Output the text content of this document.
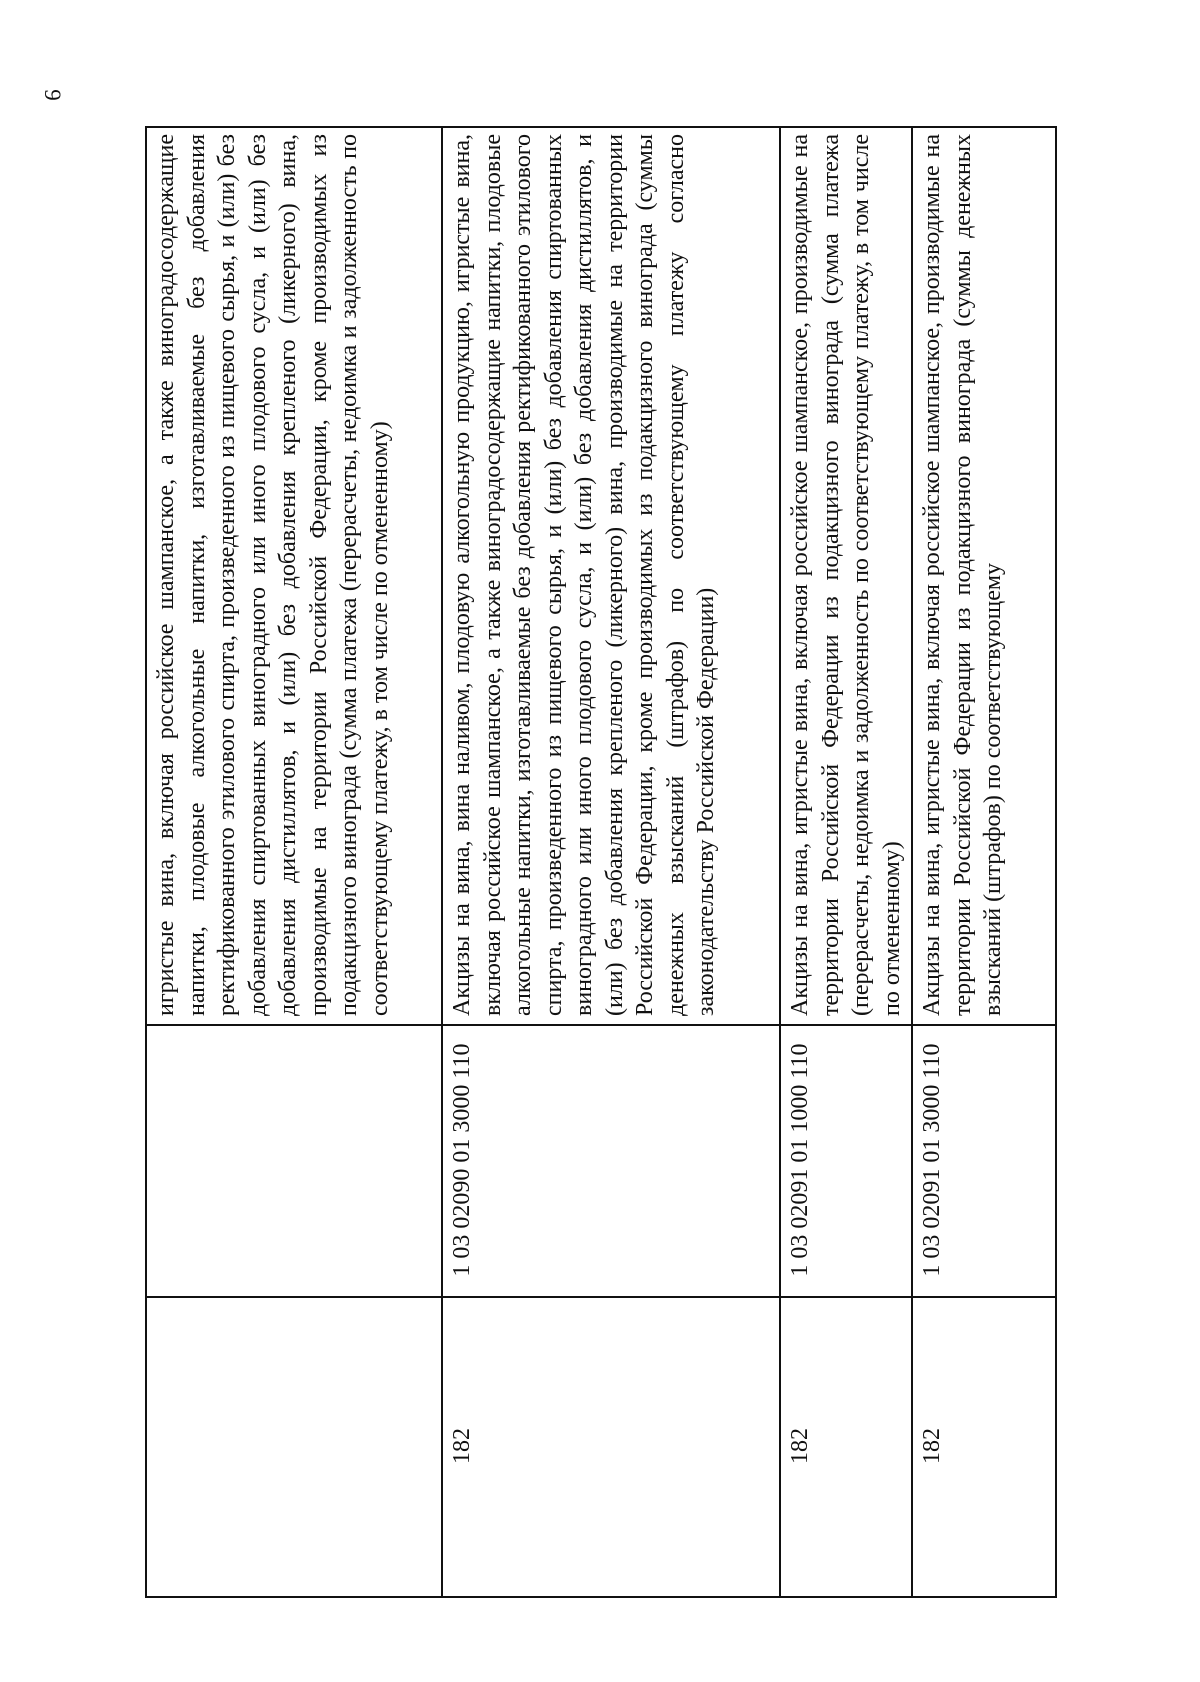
9
		игристые вина, включая российское шампанское, а также виноградосодержащие напитки, плодовые алкогольные напитки, изготавливаемые без добавления ректификованного этилового спирта, произведенного из пищевого сырья, и (или) без добавления спиртованных виноградного или иного плодового сусла, и (или) без добавления дистиллятов, и (или) без добавления крепленого (ликерного) вина, производимые на территории Российской Федерации, кроме производимых из подакцизного винограда (сумма платежа (перерасчеты, недоимка и задолженность по соответствующему платежу, в том числе по отмененному)
182	1 03 02090 01 3000 110	Акцизы на вина, вина наливом, плодовую алкогольную продукцию, игристые вина, включая российское шампанское, а также виноградосодержащие напитки, плодовые алкогольные напитки, изготавливаемые без добавления ректификованного этилового спирта, произведенного из пищевого сырья, и (или) без добавления спиртованных виноградного или иного плодового сусла, и (или) без добавления дистиллятов, и (или) без добавления крепленого (ликерного) вина, производимые на территории Российской Федерации, кроме производимых из подакцизного винограда (суммы денежных взысканий (штрафов) по соответствующему платежу согласно законодательству Российской Федерации)
182	1 03 02091 01 1000 110	Акцизы на вина, игристые вина, включая российское шампанское, производимые на территории Российской Федерации из подакцизного винограда (сумма платежа (перерасчеты, недоимка и задолженность по соответствующему платежу, в том числе по отмененному)
182	1 03 02091 01 3000 110	Акцизы на вина, игристые вина, включая российское шампанское, производимые на территории Российской Федерации из подакцизного винограда (суммы денежных взысканий (штрафов) по соответствующему
